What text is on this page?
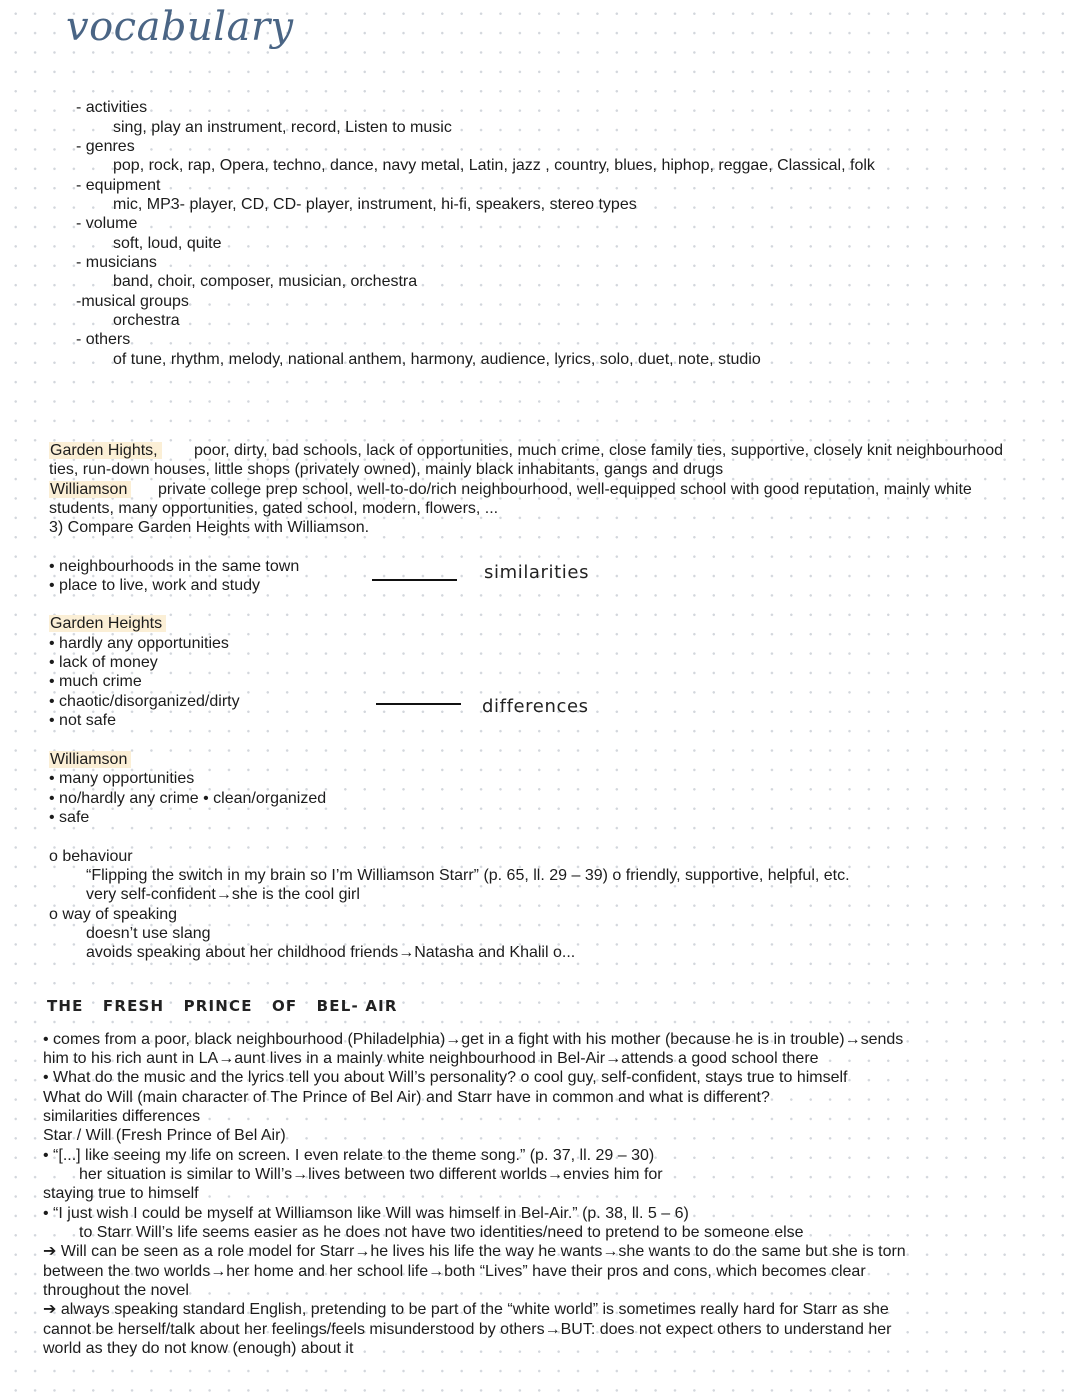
vocabulary
- activities
sing, play an instrument, record, Listen to music
- genres
pop, rock, rap, Opera, techno, dance, navy metal, Latin, jazz , country, blues, hiphop, reggae, Classical, folk
- equipment
mic, MP3- player, CD, CD- player, instrument, hi-fi, speakers, stereo types
- volume
soft, loud, quite
- musicians
band, choir, composer, musician, orchestra
-musical groups
orchestra
- others
of tune, rhythm, melody, national anthem, harmony, audience, lyrics, solo, duet, note, studio
Garden Hights, poor, dirty, bad schools, lack of opportunities, much crime, close family ties, supportive, closely knit neighbourhood
ties, run-down houses, little shops (privately owned), mainly black inhabitants, gangs and drugs
Williamson private college prep school, well-to-do/rich neighbourhood, well-equipped school with good reputation, mainly white
students, many opportunities, gated school, modern, flowers, ...
3) Compare Garden Heights with Williamson.
• neighbourhoods in the same town
• place to live, work and study
similarities
Garden Heights
• hardly any opportunities
• lack of money
• much crime
• chaotic/disorganized/dirty
• not safe
differences
Williamson
• many opportunities
• no/hardly any crime • clean/organized
• safe
o behaviour
“Flipping the switch in my brain so I’m Williamson Starr” (p. 65, ll. 29 – 39) o friendly, supportive, helpful, etc.
very self-confident→she is the cool girl
o way of speaking
doesn’t use slang
avoids speaking about her childhood friends→Natasha and Khalil o...
THE   FRESH   PRINCE   OF   BEL- AIR
• comes from a poor, black neighbourhood (Philadelphia)→get in a fight with his mother (because he is in trouble)→sends
him to his rich aunt in LA→aunt lives in a mainly white neighbourhood in Bel-Air→attends a good school there
• What do the music and the lyrics tell you about Will’s personality? o cool guy, self-confident, stays true to himself
What do Will (main character of The Prince of Bel Air) and Starr have in common and what is different?
similarities differences
Star / Will (Fresh Prince of Bel Air)
• “[...] like seeing my life on screen. I even relate to the theme song.” (p. 37, ll. 29 – 30)
her situation is similar to Will’s→lives between two different worlds→envies him for
staying true to himself
• “I just wish I could be myself at Williamson like Will was himself in Bel-Air.” (p. 38, ll. 5 – 6)
to Starr Will’s life seems easier as he does not have two identities/need to pretend to be someone else
➔ Will can be seen as a role model for Starr→he lives his life the way he wants→she wants to do the same but she is torn
between the two worlds→her home and her school life→both “Lives” have their pros and cons, which becomes clear
throughout the novel
➔ always speaking standard English, pretending to be part of the “white world” is sometimes really hard for Starr as she
cannot be herself/talk about her feelings/feels misunderstood by others→BUT: does not expect others to understand her
world as they do not know (enough) about it
